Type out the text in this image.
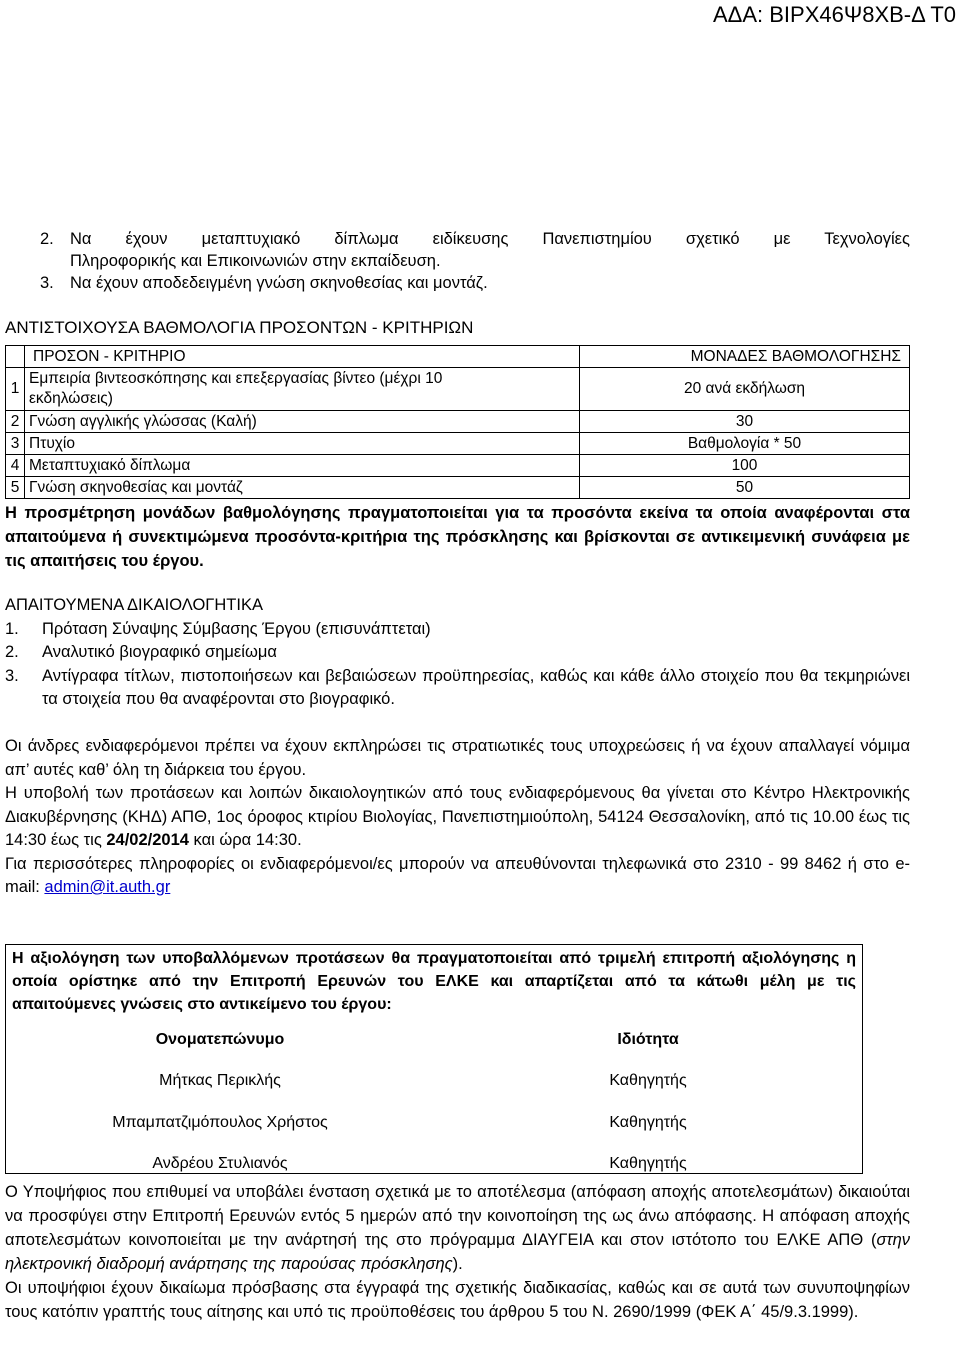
ΑΔΑ: ΒΙΡΧ46Ψ8ΧΒ-Δ Τ0
2. Να έχουν μεταπτυχιακό δίπλωμα ειδίκευσης Πανεπιστημίου σχετικό με Τεχνολογίες
Πληροφορικής και Επικοινωνιών στην εκπαίδευση.
3. Να έχουν αποδεδειγμένη γνώση σκηνοθεσίας και μοντάζ.
ΑΝΤΙΣΤΟΙΧΟΥΣΑ ΒΑΘΜΟΛΟΓΙΑ ΠΡΟΣΟΝΤΩΝ - ΚΡΙΤΗΡΙΩΝ
	ΠΡΟΣΟΝ - ΚΡΙΤΗΡΙΟ	ΜΟΝΑΔΕΣ ΒΑΘΜΟΛΟΓΗΣΗΣ
1	Εμπειρία βιντεοσκόπησης και επεξεργασίας βίντεο (μέχρι 10
εκδηλώσεις)	20 ανά εκδήλωση
2	Γνώση αγγλικής γλώσσας (Καλή)	30
3	Πτυχίο	Βαθμολογία * 50
4	Μεταπτυχιακό δίπλωμα	100
5	Γνώση σκηνοθεσίας και μοντάζ	50
Η προσμέτρηση μονάδων βαθμολόγησης πραγματοποιείται για τα προσόντα εκείνα τα οποία αναφέρονται στα απαιτούμενα ή συνεκτιμώμενα προσόντα-κριτήρια της πρόσκλησης και βρίσκονται σε αντικειμενική συνάφεια με τις απαιτήσεις του έργου.
ΑΠΑΙΤΟΥΜΕΝΑ ΔΙΚΑΙΟΛΟΓΗΤΙΚΑ
1.	Πρόταση Σύναψης Σύμβασης Έργου (επισυνάπτεται)
2.	Αναλυτικό βιογραφικό σημείωμα
3.	Αντίγραφα τίτλων, πιστοποιήσεων και βεβαιώσεων προϋπηρεσίας, καθώς και κάθε άλλο στοιχείο που θα τεκμηριώνει τα στοιχεία που θα αναφέρονται στο βιογραφικό.

Οι άνδρες ενδιαφερόμενοι πρέπει να έχουν εκπληρώσει τις στρατιωτικές τους υποχρεώσεις ή να έχουν απαλλαγεί νόμιμα απ’ αυτές καθ’ όλη τη διάρκεια του έργου.

Η υποβολή των προτάσεων και λοιπών δικαιολογητικών από τους ενδιαφερόμενους θα γίνεται στο Κέντρο Ηλεκτρονικής Διακυβέρνησης (ΚΗΔ) ΑΠΘ, 1ος όροφος κτιρίου Βιολογίας, Πανεπιστημιούπολη, 54124 Θεσσαλονίκη, από τις 10.00 έως τις 14:30 έως τις 24/02/2014 και ώρα 14:30.

Για περισσότερες πληροφορίες οι ενδιαφερόμενοι/ες μπορούν να απευθύνονται τηλεφωνικά στο 2310 - 99 8462 ή στο e-mail: admin@it.auth.gr

Η αξιολόγηση των υποβαλλόμενων προτάσεων θα πραγματοποιείται από τριμελή επιτροπή αξιολόγησης η οποία ορίστηκε από την Επιτροπή Ερευνών του ΕΛΚΕ και απαρτίζεται από τα κάτωθι μέλη με τις απαιτούμενες γνώσεις στο αντικείμενο του έργου:
Ονοματεπώνυμο	Ιδιότητα
Μήτκας Περικλής	Καθηγητής
Μπαμπατζιμόπουλος Χρήστος	Καθηγητής
Ανδρέου Στυλιανός	Καθηγητής

Ο Υποψήφιος που επιθυμεί να υποβάλει ένσταση σχετικά με το αποτέλεσμα (απόφαση αποχής αποτελεσμάτων) δικαιούται να προσφύγει στην Επιτροπή Ερευνών εντός 5 ημερών από την κοινοποίηση της ως άνω απόφασης. Η απόφαση αποχής αποτελεσμάτων κοινοποιείται με την ανάρτησή της στο πρόγραμμα ΔΙΑΥΓΕΙΑ και στον ιστότοπο του ΕΛΚΕ ΑΠΘ (στην ηλεκτρονική διαδρομή ανάρτησης της παρούσας πρόσκλησης).

Οι υποψήφιοι έχουν δικαίωμα πρόσβασης στα έγγραφά της σχετικής διαδικασίας, καθώς και σε αυτά των συνυποψηφίων τους κατόπιν γραπτής τους αίτησης και υπό τις προϋποθέσεις του άρθρου 5 του Ν. 2690/1999 (ΦΕΚ Α΄ 45/9.3.1999).
